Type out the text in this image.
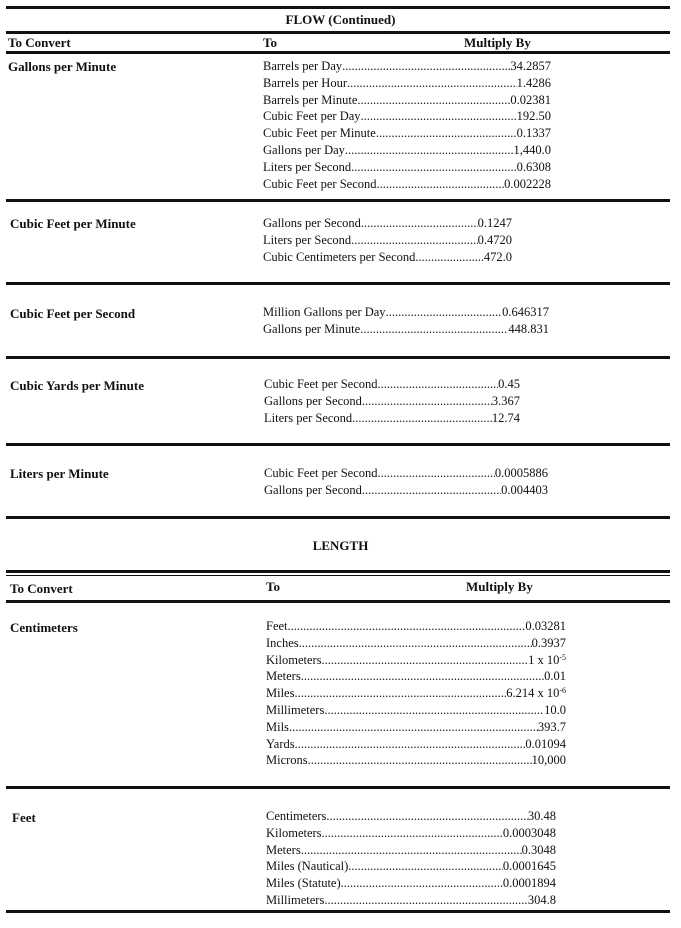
FLOW (Continued)
To Convert	To	Multiply By
Gallons per Minute	Barrels per Day .....	34.2857
Barrels per Hour .....	1.4286
Barrels per Minute .....	0.02381
Cubic Feet per Day .....	192.50
Cubic Feet per Minute .....	0.1337
Gallons per Day .....	1,440.0
Liters per Second .....	0.6308
Cubic Feet per Second .....	0.002228
Cubic Feet per Minute	Gallons per Second .....	0.1247
Liters per Second .....	0.4720
Cubic Centimeters per Second .....	472.0
Cubic Feet per Second	Million Gallons per Day .....	0.646317
Gallons per Minute .....	448.831
Cubic Yards per Minute	Cubic Feet per Second .....	0.45
Gallons per Second .....	3.367
Liters per Second .....	12.74
Liters per Minute	Cubic Feet per Second .....	0.0005886
Gallons per Second .....	0.004403
LENGTH
To Convert	To	Multiply By
Centimeters	Feet .....	0.03281
Inches .....	0.3937
Kilometers .....	1 x $10^{-5}$
Meters .....	0.01
Miles .....	6.214 x $10^{-6}$
Millimeters .....	10.0
Mils .....	393.7
Yards .....	0.01094
Microns .....	10,000
Feet	Centimeters .....	30.48
Kilometers .....	0.0003048
Meters .....	0.3048
Miles (Nautical) .....	0.0001645
Miles (Statute) .....	0.0001894
Millimeters .....	304.8
